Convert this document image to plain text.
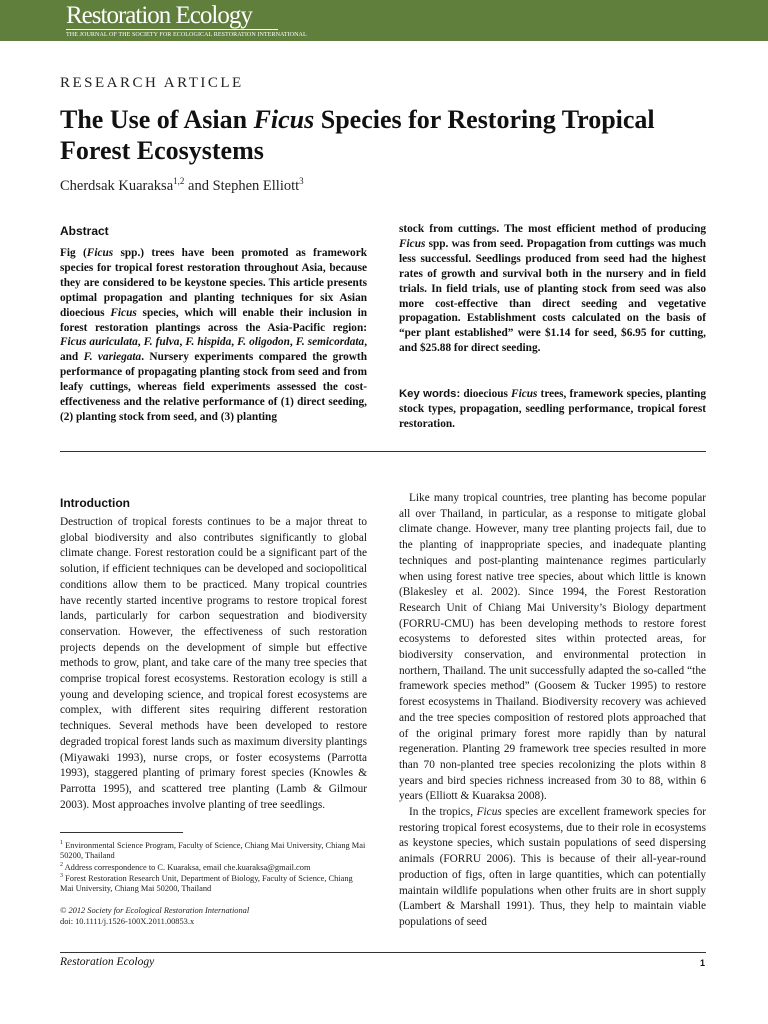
Restoration Ecology
THE JOURNAL OF THE SOCIETY FOR ECOLOGICAL RESTORATION INTERNATIONAL
RESEARCH ARTICLE
The Use of Asian Ficus Species for Restoring Tropical Forest Ecosystems
Cherdsak Kuaraksa$^{1,2}$ and Stephen Elliott$^3$
Abstract
Fig (Ficus spp.) trees have been promoted as framework species for tropical forest restoration throughout Asia, because they are considered to be keystone species. This article presents optimal propagation and planting techniques for six Asian dioecious Ficus species, which will enable their inclusion in forest restoration plantings across the Asia-Pacific region: Ficus auriculata, F. fulva, F. hispida, F. oligodon, F. semicordata, and F. variegata. Nursery experiments compared the growth performance of propagating planting stock from seed and from leafy cuttings, whereas field experiments assessed the cost-effectiveness and the relative performance of (1) direct seeding, (2) planting stock from seed, and (3) planting
stock from cuttings. The most efficient method of producing Ficus spp. was from seed. Propagation from cuttings was much less successful. Seedlings produced from seed had the highest rates of growth and survival both in the nursery and in field trials. In field trials, use of planting stock from seed was also more cost-effective than direct seeding and vegetative propagation. Establishment costs calculated on the basis of “per plant established” were $1.14 for seed, $6.95 for cutting, and $25.88 for direct seeding.
Key words: dioecious Ficus trees, framework species, planting stock types, propagation, seedling performance, tropical forest restoration.
Introduction

Destruction of tropical forests continues to be a major threat to global biodiversity and also contributes significantly to global climate change. Forest restoration could be a significant part of the solution, if efficient techniques can be developed and sociopolitical conditions allow them to be practiced. Many tropical countries have recently started incentive programs to restore tropical forest lands, particularly for carbon sequestration and biodiversity conservation. However, the effectiveness of such restoration projects depends on the development of simple but effective methods to grow, plant, and take care of the many tree species that comprise tropical forest ecosystems. Restoration ecology is still a young and developing science, and tropical forest ecosystems are complex, with different sites requiring different restoration techniques. Several methods have been developed to restore degraded tropical forest lands such as maximum diversity plantings (Miyawaki 1993), nurse crops, or foster ecosystems (Parrotta 1993), staggered planting of primary forest species (Knowles & Parrotta 1995), and scattered tree planting (Lamb & Gilmour 2003). Most approaches involve planting of tree seedlings.

Like many tropical countries, tree planting has become popular all over Thailand, in particular, as a response to mitigate global climate change. However, many tree planting projects fail, due to the planting of inappropriate species, and inadequate planting techniques and post-planting maintenance regimes particularly when using forest native tree species, about which little is known (Blakesley et al. 2002). Since 1994, the Forest Restoration Research Unit of Chiang Mai University’s Biology department (FORRU-CMU) has been developing methods to restore forest ecosystems to deforested sites within protected areas, for biodiversity conservation, and environmental protection in northern, Thailand. The unit successfully adapted the so-called “the framework species method” (Goosem & Tucker 1995) to restore forest ecosystems in Thailand. Biodiversity recovery was achieved and the tree species composition of restored plots approached that of the original primary forest more rapidly than by natural regeneration. Planting 29 framework tree species resulted in more than 70 non-planted tree species recolonizing the plots within 8 years and bird species richness increased from 30 to 88, within 6 years (Elliott & Kuaraksa 2008).

In the tropics, Ficus species are excellent framework species for restoring tropical forest ecosystems, due to their role in ecosystems as keystone species, which sustain populations of seed dispersing animals (FORRU 2006). This is because of their all-year-round production of figs, often in large quantities, which can potentially maintain wildlife populations when other fruits are in short supply (Lambert & Marshall 1991). Thus, they help to maintain viable populations of seed

$^1$ Environmental Science Program, Faculty of Science, Chiang Mai University, Chiang Mai 50200, Thailand
$^2$ Address correspondence to C. Kuaraksa, email che.kuaraksa@gmail.com
$^3$ Forest Restoration Research Unit, Department of Biology, Faculty of Science, Chiang Mai University, Chiang Mai 50200, Thailand
© 2012 Society for Ecological Restoration International
doi: 10.1111/j.1526-100X.2011.00853.x
Restoration Ecology	1
